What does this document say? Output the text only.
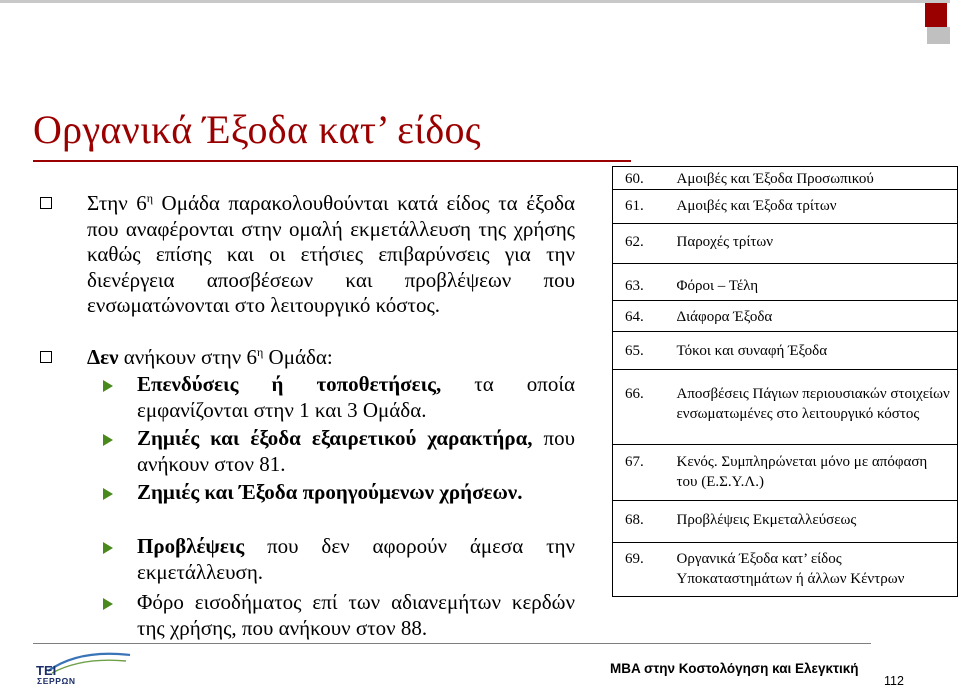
Οργανικά Έξοδα κατ’ είδος
Στην $6^\eta$ Ομάδα παρακολουθούνται κατά είδος τα έξοδα που αναφέρονται στην ομαλή εκμετάλλευση της χρήσης καθώς επίσης και οι ετήσιες επιβαρύνσεις για την διενέργεια αποσβέσεων και προβλέψεων που ενσωματώνονται στο λειτουργικό κόστος.
Δεν ανήκουν στην $6^\eta$ Ομάδα:
Επενδύσεις ή τοποθετήσεις, τα οποία εμφανίζονται στην 1 και 3 Ομάδα.
Ζημιές και έξοδα εξαιρετικού χαρακτήρα, που ανήκουν στον 81.
Ζημιές και Έξοδα προηγούμενων χρήσεων.
Προβλέψεις που δεν αφορούν άμεσα την εκμετάλλευση.
Φόρο εισοδήματος επί των αδιανεμήτων κερδών της χρήσης, που ανήκουν στον 88.
60.	Αμοιβές και Έξοδα Προσωπικού
61.	Αμοιβές και Έξοδα τρίτων
62.	Παροχές τρίτων
63.	Φόροι – Τέλη
64.	Διάφορα Έξοδα
65.	Τόκοι και συναφή Έξοδα
66.	Αποσβέσεις Πάγιων περιουσιακών στοιχείων ενσωματωμένες στο λειτουργικό κόστος
67.	Κενός. Συμπληρώνεται μόνο με απόφαση του (Ε.Σ.Υ.Λ.)
68.	Προβλέψεις Εκμεταλλεύσεως
69.	Οργανικά Έξοδα κατ’ είδος Υποκαταστημάτων ή άλλων Κέντρων
ΤΕΙ
ΣΕΡΡΩΝ
MBA στην Κοστολόγηση και Ελεγκτική
112
